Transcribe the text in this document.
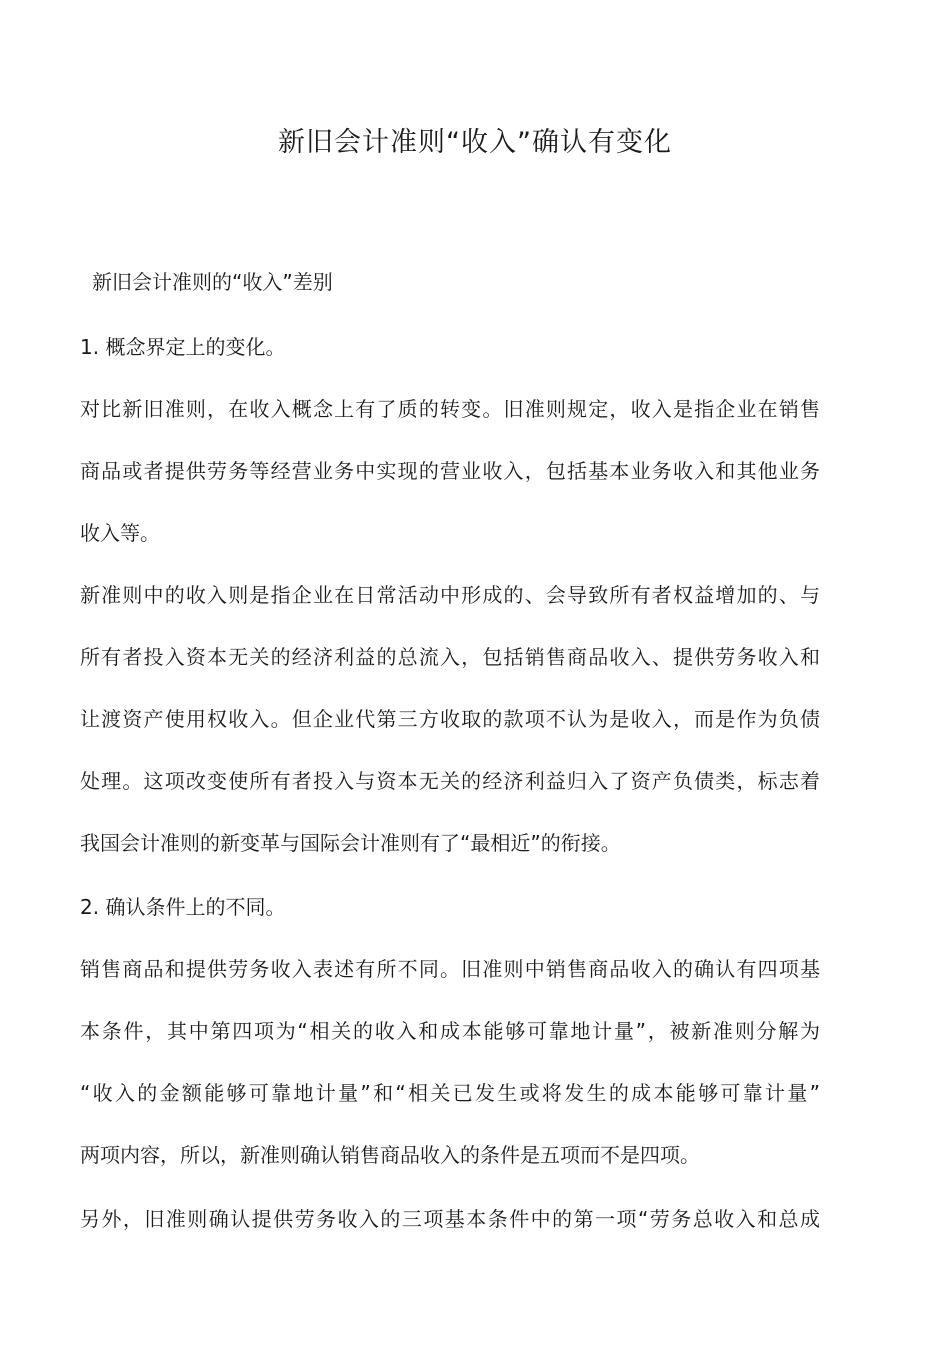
新旧会计准则“收入”确认有变化
新旧会计准则的“收入”差别
1. 概念界定上的变化。
对比新旧准则，在收入概念上有了质的转变。旧准则规定，收入是指企业在销售
商品或者提供劳务等经营业务中实现的营业收入，包括基本业务收入和其他业务
收入等。
新准则中的收入则是指企业在日常活动中形成的、会导致所有者权益增加的、与
所有者投入资本无关的经济利益的总流入，包括销售商品收入、提供劳务收入和
让渡资产使用权收入。但企业代第三方收取的款项不认为是收入，而是作为负债
处理。这项改变使所有者投入与资本无关的经济利益归入了资产负债类，标志着
我国会计准则的新变革与国际会计准则有了“最相近”的衔接。
2. 确认条件上的不同。
销售商品和提供劳务收入表述有所不同。旧准则中销售商品收入的确认有四项基
本条件，其中第四项为“相关的收入和成本能够可靠地计量”，被新准则分解为
“收入的金额能够可靠地计量”和“相关已发生或将发生的成本能够可靠计量”
两项内容，所以，新准则确认销售商品收入的条件是五项而不是四项。
另外，旧准则确认提供劳务收入的三项基本条件中的第一项“劳务总收入和总成
